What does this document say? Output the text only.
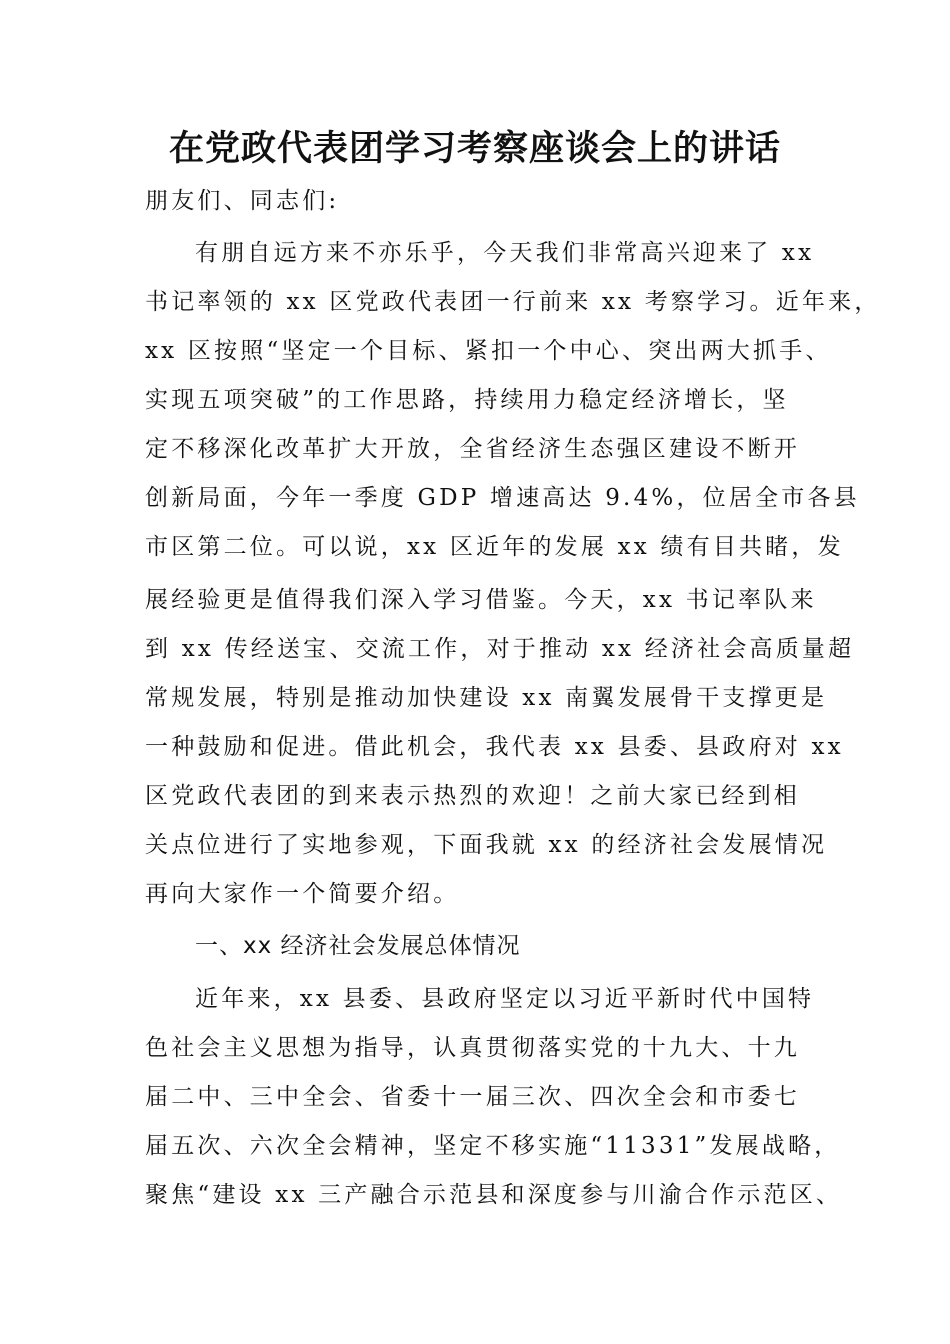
在党政代表团学习考察座谈会上的讲话
朋友们、同志们:
有朋自远方来不亦乐乎，今天我们非常高兴迎来了 xx
书记率领的 xx 区党政代表团一行前来 xx 考察学习。近年来，
xx 区按照“坚定一个目标、紧扣一个中心、突出两大抓手、
实现五项突破”的工作思路，持续用力稳定经济增长，坚
定不移深化改革扩大开放，全省经济生态强区建设不断开
创新局面，今年一季度 GDP 增速高达 9.4%，位居全市各县
市区第二位。可以说，xx 区近年的发展 xx 绩有目共睹，发
展经验更是值得我们深入学习借鉴。今天，xx 书记率队来
到 xx 传经送宝、交流工作，对于推动 xx 经济社会高质量超
常规发展，特别是推动加快建设 xx 南翼发展骨干支撑更是
一种鼓励和促进。借此机会，我代表 xx 县委、县政府对 xx
区党政代表团的到来表示热烈的欢迎！之前大家已经到相
关点位进行了实地参观，下面我就 xx 的经济社会发展情况
再向大家作一个简要介绍。
一、xx 经济社会发展总体情况
近年来，xx 县委、县政府坚定以习近平新时代中国特
色社会主义思想为指导，认真贯彻落实党的十九大、十九
届二中、三中全会、省委十一届三次、四次全会和市委七
届五次、六次全会精神，坚定不移实施“11331”发展战略，
聚焦“建设 xx 三产融合示范县和深度参与川渝合作示范区、
